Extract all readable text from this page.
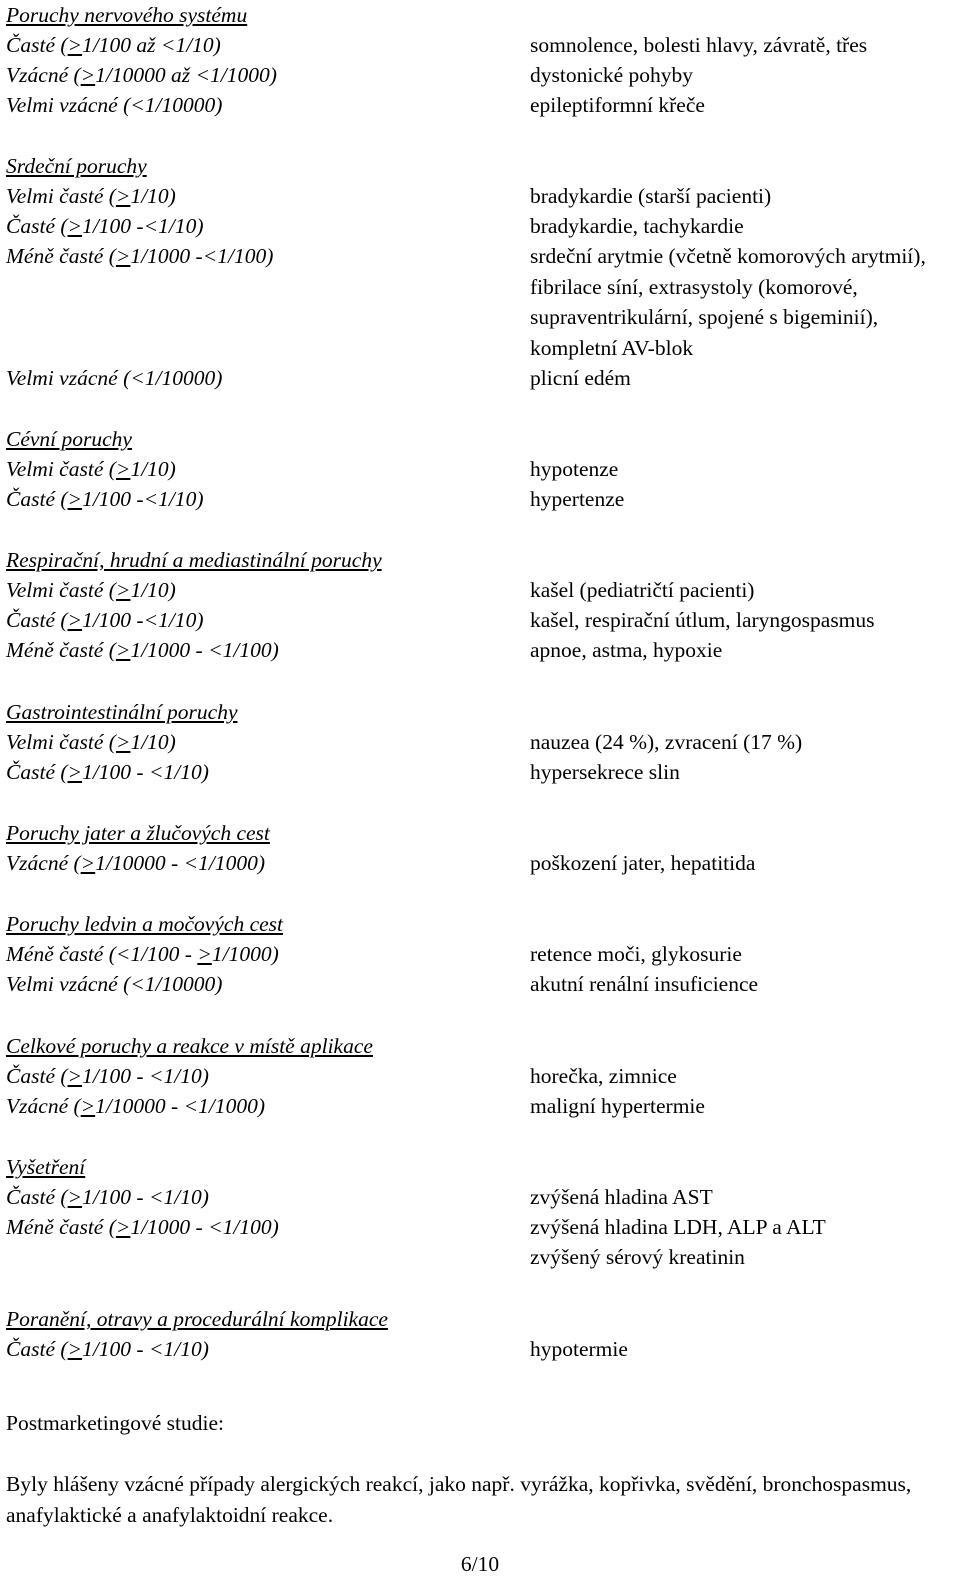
Poruchy nervového systému
Časté (>1/100 až <1/10)	somnolence, bolesti hlavy, závratě, třes
Vzácné (>1/10000 až <1/1000)	dystonické pohyby
Velmi vzácné (<1/10000)	epileptiformní křeče
Srdeční poruchy
Velmi časté (>1/10)	bradykardie (starší pacienti)
Časté (>1/100 -<1/10)	bradykardie, tachykardie
Méně časté (>1/1000 -<1/100)	srdeční arytmie (včetně komorových arytmií), fibrilace síní, extrasystoly (komorové, supraventrikulární, spojené s bigeminií), kompletní AV-blok
Velmi vzácné (<1/10000)	plicní edém
Cévní poruchy
Velmi časté (>1/10)	hypotenze
Časté (>1/100 -<1/10)	hypertenze
Respirační, hrudní a mediastinální poruchy
Velmi časté (>1/10)	kašel (pediatričtí pacienti)
Časté (>1/100 -<1/10)	kašel, respirační útlum, laryngospasmus
Méně časté (>1/1000 - <1/100)	apnoe, astma, hypoxie
Gastrointestinální poruchy
Velmi časté (>1/10)	nauzea (24 %), zvracení (17 %)
Časté (>1/100 - <1/10)	hypersekrece slin
Poruchy jater a žlučových cest
Vzácné (>1/10000 - <1/1000)	poškození jater, hepatitida
Poruchy ledvin a močových cest
Méně časté (<1/100 - >1/1000)	retence moči, glykosurie
Velmi vzácné (<1/10000)	akutní renální insuficience
Celkové poruchy a reakce v místě aplikace
Časté (>1/100 - <1/10)	horečka, zimnice
Vzácné (>1/10000 - <1/1000)	maligní hypertermie
Vyšetření
Časté (>1/100 - <1/10)	zvýšená hladina AST
Méně časté (>1/1000 - <1/100)	zvýšená hladina LDH, ALP a ALT
zvýšený sérový kreatinin
Poranění, otravy a procedurální komplikace
Časté (>1/100 - <1/10)	hypotermie
Postmarketingové studie:
Byly hlášeny vzácné případy alergických reakcí, jako např. vyrážka, kopřivka, svědění, bronchospasmus, anafylaktické a anafylaktoidní reakce.
6/10
